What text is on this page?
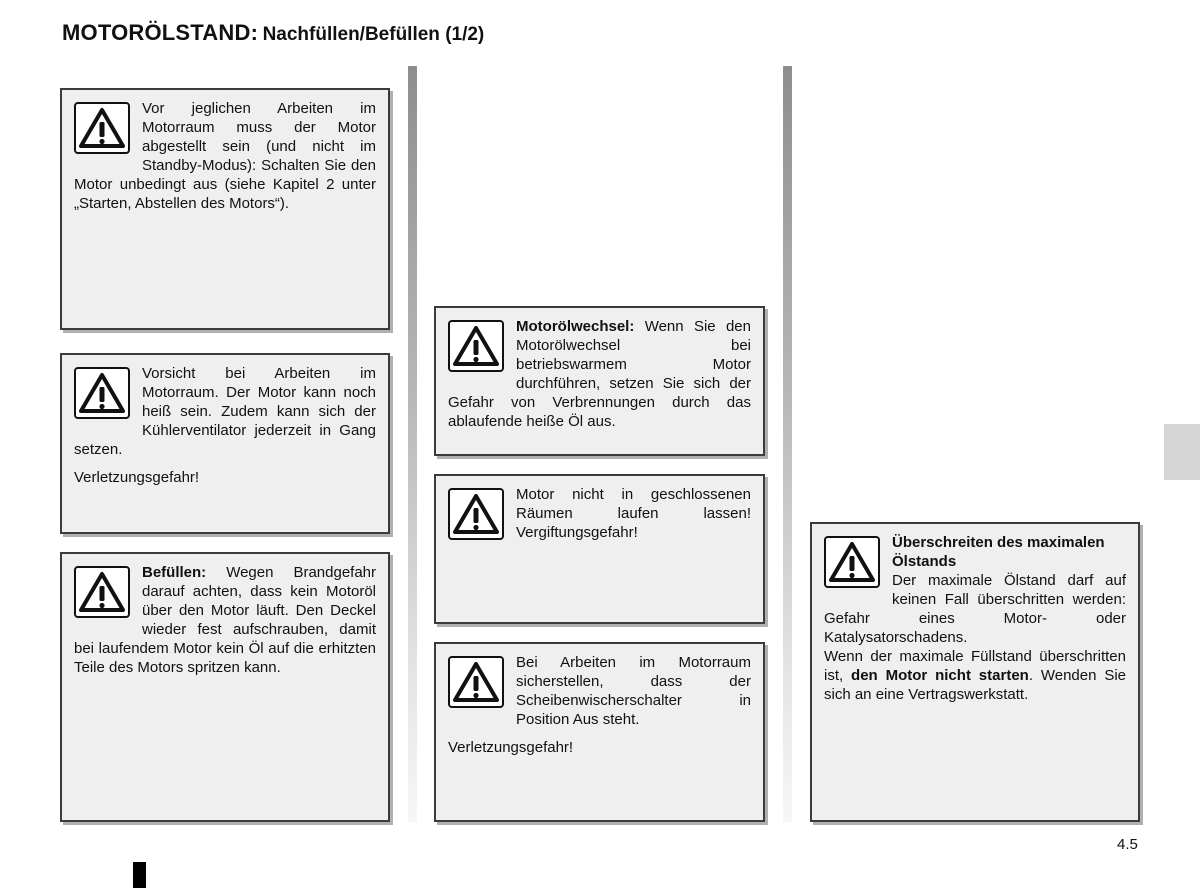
MOTORÖLSTAND: Nachfüllen/Befüllen (1/2)

Vor jeglichen Arbeiten im Motorraum muss der Motor abgestellt sein (und nicht im Standby-Modus): Schalten Sie den Motor unbedingt aus (siehe Kapitel 2 unter „Starten, Abstellen des Motors“).

Vorsicht bei Arbeiten im Motorraum. Der Motor kann noch heiß sein. Zudem kann sich der Kühlerventilator jederzeit in Gang setzen.

Verletzungsgefahr!

Befüllen: Wegen Brandgefahr darauf achten, dass kein Motoröl über den Motor läuft. Den Deckel wieder fest aufschrauben, damit bei laufendem Motor kein Öl auf die erhitzten Teile des Motors spritzen kann.

Motorölwechsel: Wenn Sie den Motorölwechsel bei betriebswarmem Motor durchführen, setzen Sie sich der Gefahr von Verbrennungen durch das ablaufende heiße Öl aus.

Motor nicht in geschlossenen Räumen laufen lassen! Vergiftungsgefahr!

Bei Arbeiten im Motorraum sicherstellen, dass der Scheibenwischerschalter in Position Aus steht.

Verletzungsgefahr!

Überschreiten des maximalen Ölstands

Der maximale Ölstand darf auf keinen Fall überschritten werden: Gefahr eines Motor- oder Katalysatorschadens.

Wenn der maximale Füllstand überschritten ist, den Motor nicht starten. Wenden Sie sich an eine Vertragswerkstatt.

4.5
